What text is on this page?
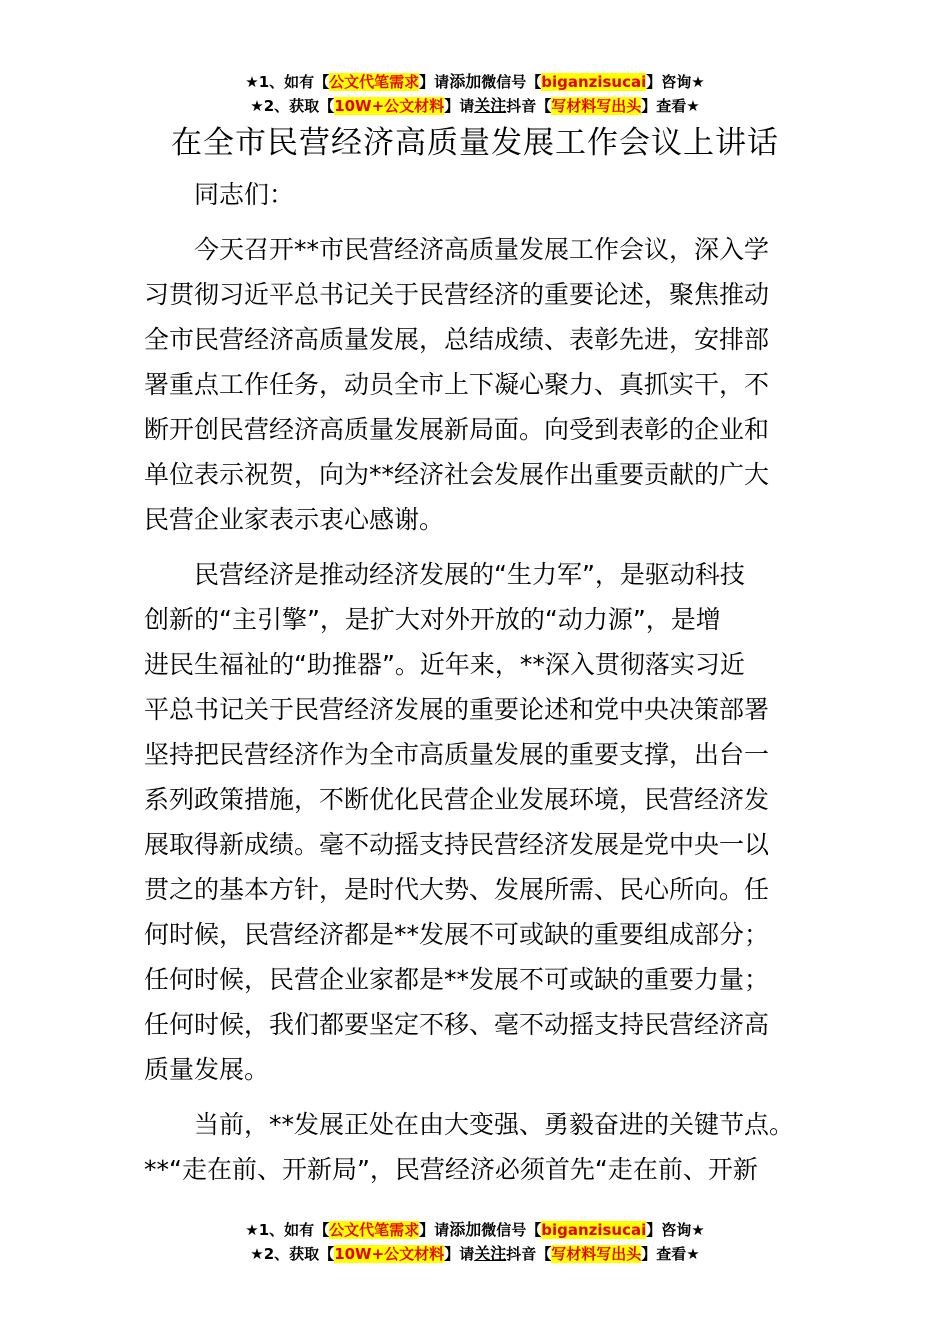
★1、如有【公文代笔需求】请添加微信号【biganzisucai】咨询★
★2、获取【10W+公文材料】请关注抖音【写材料写出头】查看★
在全市民营经济高质量发展工作会议上讲话

同志们：

今天召开**市民营经济高质量发展工作会议，深入学
习贯彻习近平总书记关于民营经济的重要论述，聚焦推动
全市民营经济高质量发展，总结成绩、表彰先进，安排部
署重点工作任务，动员全市上下凝心聚力、真抓实干，不
断开创民营经济高质量发展新局面。向受到表彰的企业和
单位表示祝贺，向为**经济社会发展作出重要贡献的广大
民营企业家表示衷心感谢。
民营经济是推动经济发展的“生力军”，是驱动科技
创新的“主引擎”，是扩大对外开放的“动力源”，是增
进民生福祉的“助推器”。近年来，**深入贯彻落实习近
平总书记关于民营经济发展的重要论述和党中央决策部署
坚持把民营经济作为全市高质量发展的重要支撑，出台一
系列政策措施，不断优化民营企业发展环境，民营经济发
展取得新成绩。毫不动摇支持民营经济发展是党中央一以
贯之的基本方针，是时代大势、发展所需、民心所向。任
何时候，民营经济都是**发展不可或缺的重要组成部分；
任何时候，民营企业家都是**发展不可或缺的重要力量；
任何时候，我们都要坚定不移、毫不动摇支持民营经济高
质量发展。
当前，**发展正处在由大变强、勇毅奋进的关键节点。
**“走在前、开新局”，民营经济必须首先“走在前、开新
★1、如有【公文代笔需求】请添加微信号【biganzisucai】咨询★
★2、获取【10W+公文材料】请关注抖音【写材料写出头】查看★
